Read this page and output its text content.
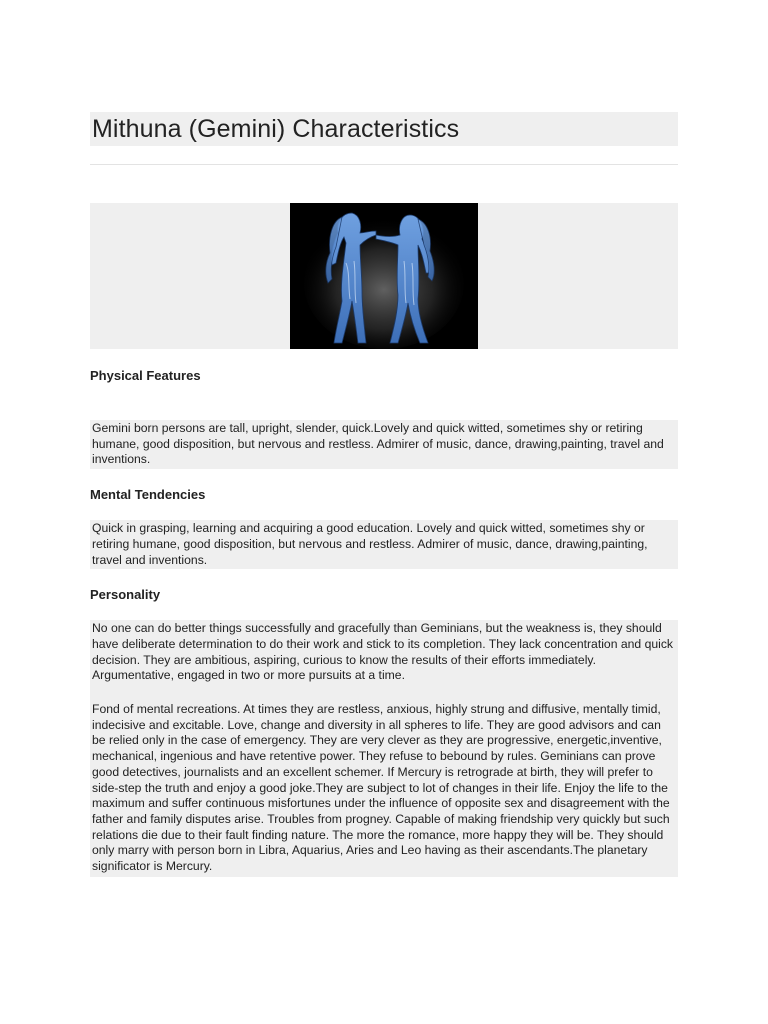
Mithuna (Gemini) Characteristics
Physical Features

Gemini born persons are tall, upright, slender, quick.Lovely and quick witted, sometimes shy or retiring humane, good disposition, but nervous and restless. Admirer of music, dance, drawing,painting, travel and inventions.

Mental Tendencies

Quick in grasping, learning and acquiring a good education. Lovely and quick witted, sometimes shy or retiring humane, good disposition, but nervous and restless. Admirer of music, dance, drawing,painting, travel and inventions.

Personality

No one can do better things successfully and gracefully than Geminians, but the weakness is, they should have deliberate determination to do their work and stick to its completion. They lack concentration and quick decision. They are ambitious, aspiring, curious to know the results of their efforts immediately. Argumentative, engaged in two or more pursuits at a time.

Fond of mental recreations. At times they are restless, anxious, highly strung and diffusive, mentally timid, indecisive and excitable. Love, change and diversity in all spheres to life. They are good advisors and can be relied only in the case of emergency. They are very clever as they are progressive, energetic,inventive, mechanical, ingenious and have retentive power. They refuse to bebound by rules. Geminians can prove good detectives, journalists and an excellent schemer. If Mercury is retrograde at birth, they will prefer to side-step the truth and enjoy a good joke.They are subject to lot of changes in their life. Enjoy the life to the maximum and suffer continuous misfortunes under the influence of opposite sex and disagreement with the father and family disputes arise. Troubles from progney. Capable of making friendship very quickly but such relations die due to their fault finding nature. The more the romance, more happy they will be. They should only marry with person born in Libra, Aquarius, Aries and Leo having as their ascendants.The planetary significator is Mercury.
